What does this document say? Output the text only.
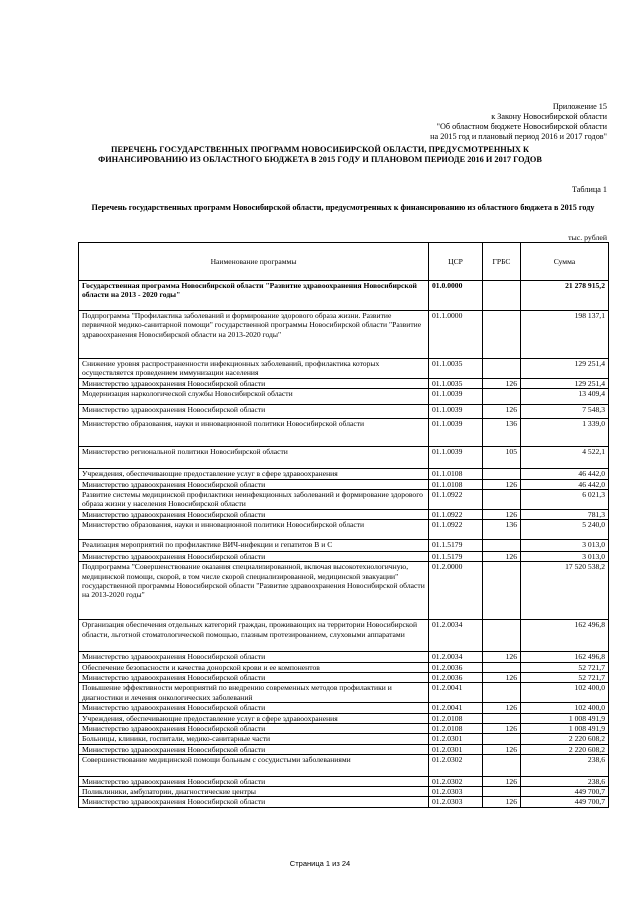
Приложение 15
к Закону Новосибирской области
"Об областном бюджете Новосибирской области
на 2015 год и плановый период 2016 и 2017 годов"
ПЕРЕЧЕНЬ ГОСУДАРСТВЕННЫХ ПРОГРАММ НОВОСИБИРСКОЙ ОБЛАСТИ, ПРЕДУСМОТРЕННЫХ К
ФИНАНСИРОВАНИЮ ИЗ ОБЛАСТНОГО БЮДЖЕТА В 2015 ГОДУ И ПЛАНОВОМ ПЕРИОДЕ 2016 И 2017 ГОДОВ
Таблица 1
Перечень государственных программ Новосибирской области, предусмотренных к финансированию из областного бюджета в 2015 году
тыс. рублей
Наименование программы	ЦСР	ГРБС	Сумма
Государственная программа Новосибирской области "Развитие здравоохранения Новосибирской области на 2013 - 2020 годы"	01.0.0000		21 278 915,2
Подпрограмма "Профилактика заболеваний и формирование здорового образа жизни. Развитие первичной медико-санитарной помощи" государственной программы Новосибирской области "Развитие здравоохранения Новосибирской области на 2013-2020 годы"	01.1.0000		198 137,1
Снижение уровня распространенности инфекционных заболеваний, профилактика которых осуществляется проведением иммунизации населения	01.1.0035		129 251,4
Министерство здравоохранения Новосибирской области	01.1.0035	126	129 251,4
Модернизация наркологической службы Новосибирской области	01.1.0039		13 409,4
Министерство здравоохранения Новосибирской области	01.1.0039	126	7 548,3
Министерство образования, науки и инновационной политики Новосибирской области	01.1.0039	136	1 339,0
Министерство региональной политики Новосибирской области	01.1.0039	105	4 522,1
Учреждения, обеспечивающие предоставление услуг в сфере здравоохранения	01.1.0108		46 442,0
Министерство здравоохранения Новосибирской области	01.1.0108	126	46 442,0
Развитие системы медицинской профилактики неинфекционных заболеваний и формирование здорового образа жизни у населения Новосибирской области	01.1.0922		6 021,3
Министерство здравоохранения Новосибирской области	01.1.0922	126	781,3
Министерство образования, науки и инновационной политики Новосибирской области	01.1.0922	136	5 240,0
Реализация мероприятий по профилактике ВИЧ-инфекции и гепатитов В и С	01.1.5179		3 013,0
Министерство здравоохранения Новосибирской области	01.1.5179	126	3 013,0
Подпрограмма "Совершенствование оказания специализированной, включая высокотехнологичную, медицинской помощи, скорой, в том числе скорой специализированной, медицинской эвакуации" государственной программы Новосибирской области "Развитие здравоохранения Новосибирской области на 2013-2020 годы"	01.2.0000		17 520 538,2
Организация обеспечения отдельных категорий граждан, проживающих на территории Новосибирской области, льготной стоматологической помощью, глазным протезированием, слуховыми аппаратами	01.2.0034		162 496,8
Министерство здравоохранения Новосибирской области	01.2.0034	126	162 496,8
Обеспечение безопасности и качества донорской крови и ее компонентов	01.2.0036		52 721,7
Министерство здравоохранения Новосибирской области	01.2.0036	126	52 721,7
Повышение эффективности мероприятий по внедрению современных методов профилактики и диагностики и лечения онкологических заболеваний	01.2.0041		102 400,0
Министерство здравоохранения Новосибирской области	01.2.0041	126	102 400,0
Учреждения, обеспечивающие предоставление услуг в сфере здравоохранения	01.2.0108		1 008 491,9
Министерство здравоохранения Новосибирской области	01.2.0108	126	1 008 491,9
Больницы, клиники, госпитали, медико-санитарные части	01.2.0301		2 220 608,2
Министерство здравоохранения Новосибирской области	01.2.0301	126	2 220 608,2
Совершенствование медицинской помощи больным с сосудистыми заболеваниями	01.2.0302		238,6
Министерство здравоохранения Новосибирской области	01.2.0302	126	238,6
Поликлиники, амбулатории, диагностические центры	01.2.0303		449 700,7
Министерство здравоохранения Новосибирской области	01.2.0303	126	449 700,7
Страница 1 из 24
